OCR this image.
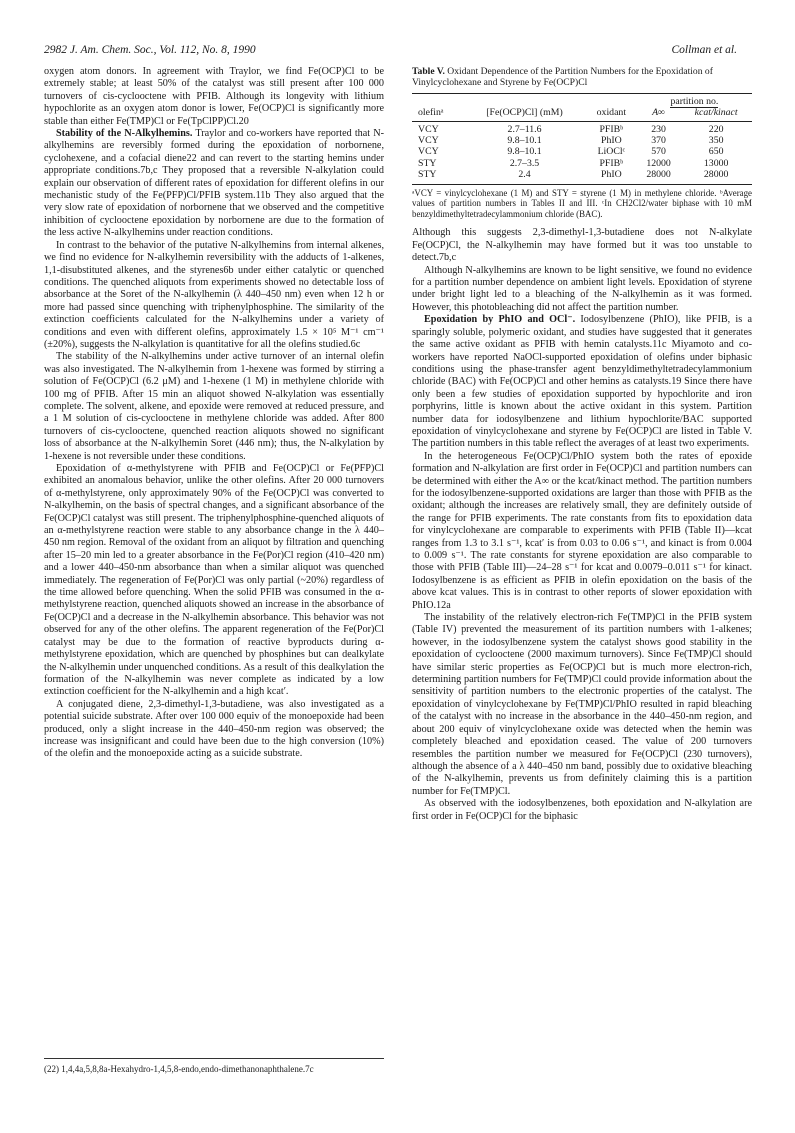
2982 J. Am. Chem. Soc., Vol. 112, No. 8, 1990	Collman et al.

oxygen atom donors. In agreement with Traylor, we find Fe(OCP)Cl to be extremely stable; at least 50% of the catalyst was still present after 100 000 turnovers of cis-cyclooctene with PFIB. Although its longevity with lithium hypochlorite as an oxygen atom donor is lower, Fe(OCP)Cl is significantly more stable than either Fe(TMP)Cl or Fe(TpClPP)Cl.20

Stability of the N-Alkylhemins. Traylor and co-workers have reported that N-alkylhemins are reversibly formed during the epoxidation of norbornene, cyclohexene, and a cofacial diene22 and can revert to the starting hemins under appropriate conditions.7b,c They proposed that a reversible N-alkylation could explain our observation of different rates of epoxidation for different olefins in our mechanistic study of the Fe(PFP)Cl/PFIB system.11b They also argued that the very slow rate of epoxidation of norbornene that we observed and the competitive inhibition of cyclooctene epoxidation by norbornene are due to the formation of the less active N-alkylhemins under reaction conditions.

In contrast to the behavior of the putative N-alkylhemins from internal alkenes, we find no evidence for N-alkylhemin reversibility with the adducts of 1-alkenes, 1,1-disubstituted alkenes, and the styrenes6b under either catalytic or quenched conditions. The quenched aliquots from experiments showed no detectable loss of absorbance at the Soret of the N-alkylhemin (λ 440–450 nm) even when 12 h or more had passed since quenching with triphenylphosphine. The similarity of the extinction coefficients calculated for the N-alkylhemins under a variety of conditions and even with different olefins, approximately 1.5 × 10⁵ M⁻¹ cm⁻¹ (±20%), suggests the N-alkylation is quantitative for all the olefins studied.6c

The stability of the N-alkylhemins under active turnover of an internal olefin was also investigated. The N-alkylhemin from 1-hexene was formed by stirring a solution of Fe(OCP)Cl (6.2 μM) and 1-hexene (1 M) in methylene chloride with 100 mg of PFIB. After 15 min an aliquot showed N-alkylation was essentially complete. The solvent, alkene, and epoxide were removed at reduced pressure, and a 1 M solution of cis-cyclooctene in methylene chloride was added. After 800 turnovers of cis-cyclooctene, quenched reaction aliquots showed no significant loss of absorbance at the N-alkylhemin Soret (446 nm); thus, the N-alkylation by 1-hexene is not reversible under these conditions.

Epoxidation of α-methylstyrene with PFIB and Fe(OCP)Cl or Fe(PFP)Cl exhibited an anomalous behavior, unlike the other olefins. After 20 000 turnovers of α-methylstyrene, only approximately 90% of the Fe(OCP)Cl was converted to N-alkylhemin, on the basis of spectral changes, and a significant absorbance of the Fe(OCP)Cl catalyst was still present. The triphenylphosphine-quenched aliquots of an α-methylstyrene reaction were stable to any absorbance change in the λ 440–450 nm region. Removal of the oxidant from an aliquot by filtration and quenching after 15–20 min led to a greater absorbance in the Fe(Por)Cl region (410–420 nm) and a lower 440–450-nm absorbance than when a similar aliquot was quenched immediately. The regeneration of Fe(Por)Cl was only partial (~20%) regardless of the time allowed before quenching. When the solid PFIB was consumed in the α-methylstyrene reaction, quenched aliquots showed an increase in the absorbance of Fe(OCP)Cl and a decrease in the N-alkylhemin absorbance. This behavior was not observed for any of the other olefins. The apparent regeneration of the Fe(Por)Cl catalyst may be due to the formation of reactive byproducts during α-methylstyrene epoxidation, which are quenched by phosphines but can dealkylate the N-alkylhemin under unquenched conditions. As a result of this dealkylation the formation of the N-alkylhemin was never complete as indicated by a low extinction coefficient for the N-alkylhemin and a high kcat′.

A conjugated diene, 2,3-dimethyl-1,3-butadiene, was also investigated as a potential suicide substrate. After over 100 000 equiv of the monoepoxide had been produced, only a slight increase in the 440–450-nm region was observed; the increase was insignificant and could have been due to the high conversion (10%) of the olefin and the monoepoxide acting as a suicide substrate.

(22) 1,4,4a,5,8,8a-Hexahydro-1,4,5,8-endo,endo-dimethanonaphthalene.7c
Table V. Oxidant Dependence of the Partition Numbers for the Epoxidation of Vinylcyclohexane and Styrene by Fe(OCP)Cl
			partition no.	
olefinᵃ	[Fe(OCP)Cl] (mM)	oxidant	A∞	kcat/kinact
VCY	2.7–11.6	PFIBᵇ	230	220
VCY	9.8–10.1	PhIO	370	350
VCY	9.8–10.1	LiOClᶜ	570	650
STY	2.7–3.5	PFIBᵇ	12000	13000
STY	2.4	PhIO	28000	28000
ᵃVCY = vinylcyclohexane (1 M) and STY = styrene (1 M) in methylene chloride. ᵇAverage values of partition numbers in Tables II and III. ᶜIn CH2Cl2/water biphase with 10 mM benzyldimethyltetradecylammonium chloride (BAC).

Although this suggests 2,3-dimethyl-1,3-butadiene does not N-alkylate Fe(OCP)Cl, the N-alkylhemin may have formed but it was too unstable to detect.7b,c

Although N-alkylhemins are known to be light sensitive, we found no evidence for a partition number dependence on ambient light levels. Epoxidation of styrene under bright light led to a bleaching of the N-alkylhemin as it was formed. However, this photobleaching did not affect the partition number.

Epoxidation by PhIO and OCl⁻. Iodosylbenzene (PhIO), like PFIB, is a sparingly soluble, polymeric oxidant, and studies have suggested that it generates the same active oxidant as PFIB with hemin catalysts.11c Miyamoto and co-workers have reported NaOCl-supported epoxidation of olefins under biphasic conditions using the phase-transfer agent benzyldimethyltetradecylammonium chloride (BAC) with Fe(OCP)Cl and other hemins as catalysts.19 Since there have only been a few studies of epoxidation supported by hypochlorite and iron porphyrins, little is known about the active oxidant in this system. Partition number data for iodosylbenzene and lithium hypochlorite/BAC supported epoxidation of vinylcyclohexane and styrene by Fe(OCP)Cl are listed in Table V. The partition numbers in this table reflect the averages of at least two experiments.

In the heterogeneous Fe(OCP)Cl/PhIO system both the rates of epoxide formation and N-alkylation are first order in Fe(OCP)Cl and partition numbers can be determined with either the A∞ or the kcat/kinact method. The partition numbers for the iodosylbenzene-supported oxidations are larger than those with PFIB as the oxidant; although the increases are relatively small, they are definitely outside of the range for PFIB experiments. The rate constants from fits to epoxidation data for vinylcyclohexane are comparable to experiments with PFIB (Table II)—kcat ranges from 1.3 to 3.1 s⁻¹, kcat′ is from 0.03 to 0.06 s⁻¹, and kinact is from 0.004 to 0.009 s⁻¹. The rate constants for styrene epoxidation are also comparable to those with PFIB (Table III)—24–28 s⁻¹ for kcat and 0.0079–0.011 s⁻¹ for kinact. Iodosylbenzene is as efficient as PFIB in olefin epoxidation on the basis of the above kcat values. This is in contrast to other reports of slower epoxidation with PhIO.12a

The instability of the relatively electron-rich Fe(TMP)Cl in the PFIB system (Table IV) prevented the measurement of its partition numbers with 1-alkenes; however, in the iodosylbenzene system the catalyst shows good stability in the epoxidation of cyclooctene (2000 maximum turnovers). Since Fe(TMP)Cl should have similar steric properties as Fe(OCP)Cl but is much more electron-rich, determining partition numbers for Fe(TMP)Cl could provide information about the sensitivity of partition numbers to the electronic properties of the catalyst. The epoxidation of vinylcyclohexane by Fe(TMP)Cl/PhIO resulted in rapid bleaching of the catalyst with no increase in the absorbance in the 440–450-nm region, and about 200 equiv of vinylcyclohexane oxide was detected when the hemin was completely bleached and epoxidation ceased. The value of 200 turnovers resembles the partition number we measured for Fe(OCP)Cl (230 turnovers), although the absence of a λ 440–450 nm band, possibly due to oxidative bleaching of the N-alkylhemin, prevents us from definitely claiming this is a partition number for Fe(TMP)Cl.

As observed with the iodosylbenzenes, both epoxidation and N-alkylation are first order in Fe(OCP)Cl for the biphasic
